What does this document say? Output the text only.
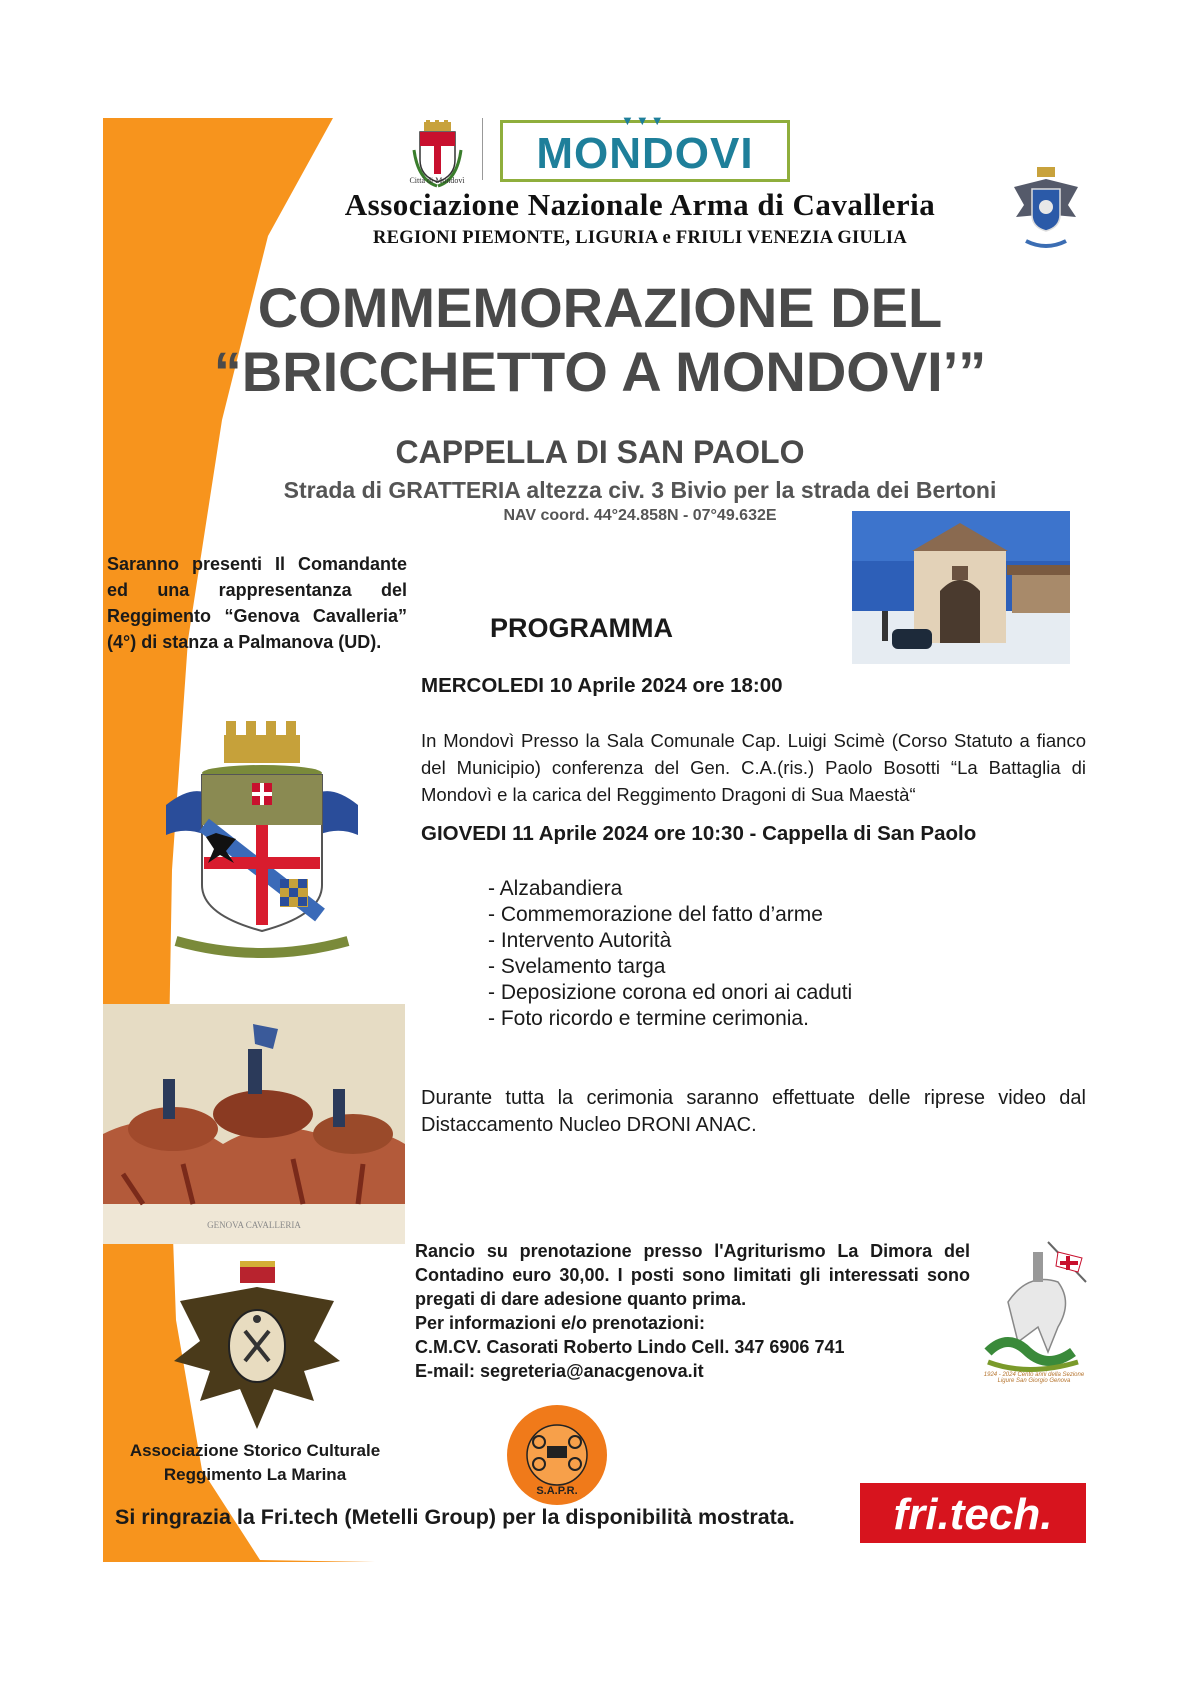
Città di Mondovì
▼▼▼
MONDOVI
Associazione Nazionale Arma di Cavalleria
REGIONI PIEMONTE, LIGURIA e FRIULI VENEZIA GIULIA
COMMEMORAZIONE DEL
“BRICCHETTO A MONDOVI’”
CAPPELLA DI SAN PAOLO
Strada di GRATTERIA altezza civ. 3 Bivio per la strada dei Bertoni
NAV coord. 44°24.858N - 07°49.632E
Saranno presenti Il Comandante ed una rappresentanza del Reggimento “Genova Cavalleria” (4°) di stanza a Palmanova (UD).	PROGRAMMA
MERCOLEDI 10 Aprile 2024 ore 18:00
In Mondovì Presso la Sala Comunale Cap. Luigi Scimè (Corso Statuto a fianco del Municipio) conferenza del Gen. C.A.(ris.) Paolo Bosotti “La Battaglia di Mondovì e la carica del Reggimento Dragoni di Sua Maestà“
GIOVEDI 11 Aprile 2024 ore 10:30 - Cappella di San Paolo
- Alzabandiera
- Commemorazione del fatto d’arme
- Intervento Autorità
- Svelamento targa
- Deposizione corona ed onori ai caduti
- Foto ricordo e termine cerimonia.
GENOVA CAVALLERIA
Durante tutta la cerimonia saranno effettuate delle riprese video dal Distaccamento Nucleo DRONI ANAC.
Rancio su prenotazione presso l'Agriturismo La Dimora del Contadino euro 30,00. I posti sono limitati gli interessati sono pregati di dare adesione quanto prima.
Per informazioni e/o prenotazioni:
C.M.CV. Casorati Roberto Lindo Cell. 347 6906 741
E-mail: segreteria@anacgenova.it	1924 - 2024 Cento anni della Sezione Ligure San Giorgio Genova
Associazione Storico Culturale
Reggimento La Marina
S.A.P.R.	fri.tech.
Si ringrazia la Fri.tech (Metelli Group) per la disponibilità mostrata.
